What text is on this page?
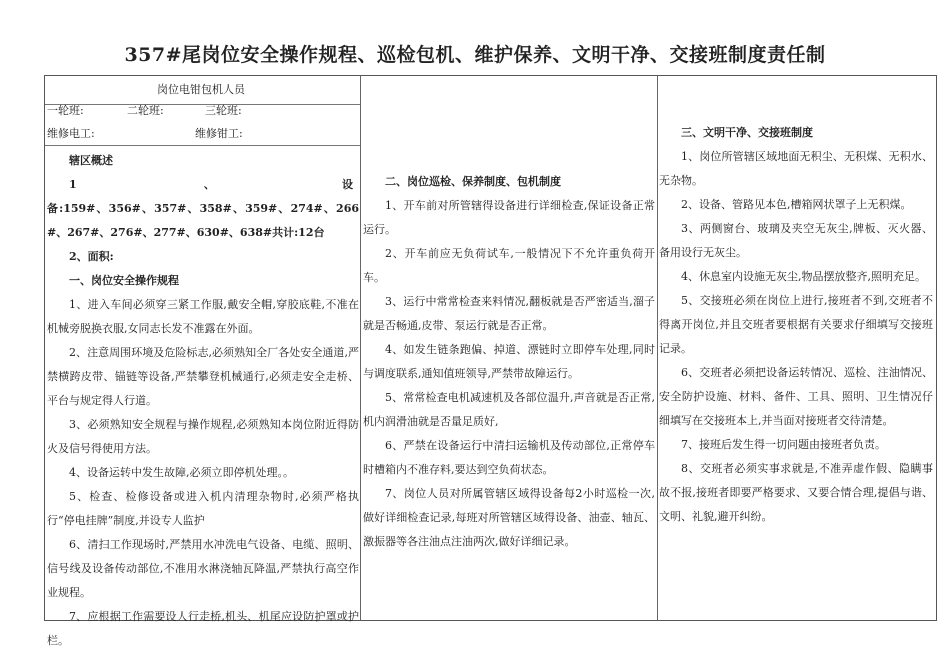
357#尾岗位安全操作规程、巡检包机、维护保养、文明干净、交接班制度责任制
岗位电钳包机人员
一轮班:	二轮班:	三轮班:
维修电工:	维修钳工:

辖区概述

1	、	设

备:159#、356#、357#、358#、359#、274#、266#、267#、276#、277#、630#、638#共计:12台

2、面积:

一、岗位安全操作规程

1、进入车间必须穿三紧工作服,戴安全帽,穿胶底鞋,不准在机械旁脱换衣服,女同志长发不准露在外面。

2、注意周围环境及危险标志,必须熟知全厂各处安全通道,严禁横跨皮带、锚链等设备,严禁攀登机械通行,必须走安全走桥、平台与规定得人行道。

3、必须熟知安全规程与操作规程,必须熟知本岗位附近得防火及信号得使用方法。

4、设备运转中发生故障,必须立即停机处理。。

5、检查、检修设备或进入机内清理杂物时,必须严格执行“停电挂牌”制度,并设专人监护

6、清扫工作现场时,严禁用水冲洗电气设备、电缆、照明、信号线及设备传动部位,不准用水淋浇轴瓦降温,严禁执行高空作业规程。

7、应根据工作需要设人行走桥,机头、机尾应设防护罩或护栏。

二、岗位巡检、保养制度、包机制度

1、开车前对所管辖得设备进行详细检查,保证设备正常运行。

2、开车前应无负荷试车,一般情况下不允许重负荷开车。

3、运行中常常检查来料情况,翻板就是否严密适当,溜子就是否畅通,皮带、泵运行就是否正常。

4、如发生链条跑偏、掉道、漂链时立即停车处理,同时与调度联系,通知值班领导,严禁带故障运行。

5、常常检查电机减速机及各部位温升,声音就是否正常,机内润滑油就是否量足质好,

6、严禁在设备运行中清扫运输机及传动部位,正常停车时槽箱内不准存料,要达到空负荷状态。

7、岗位人员对所属管辖区域得设备每2小时巡检一次,做好详细检查记录,每班对所管辖区域得设备、油壶、轴瓦、激振器等各注油点注油两次,做好详细记录。

三、文明干净、交接班制度

1、岗位所管辖区域地面无积尘、无积煤、无积水、无杂物。

2、设备、管路见本色,槽箱网状罩子上无积煤。

3、两侧窗台、玻璃及夹空无灰尘,牌板、灭火器、备用设行无灰尘。

4、休息室内设施无灰尘,物品摆放整齐,照明充足。

5、交接班必须在岗位上进行,接班者不到,交班者不得离开岗位,并且交班者要根据有关要求仔细填写交接班记录。

6、交班者必须把设备运转情况、巡检、注油情况、安全防护设施、材料、备件、工具、照明、卫生情况仔细填写在交接班本上,并当面对接班者交待清楚。

7、接班后发生得一切问题由接班者负责。

8、交班者必须实事求就是,不准弄虚作假、隐瞒事故不报,接班者即要严格要求、又要合情合理,提倡与谐、文明、礼貌,避开纠纷。
